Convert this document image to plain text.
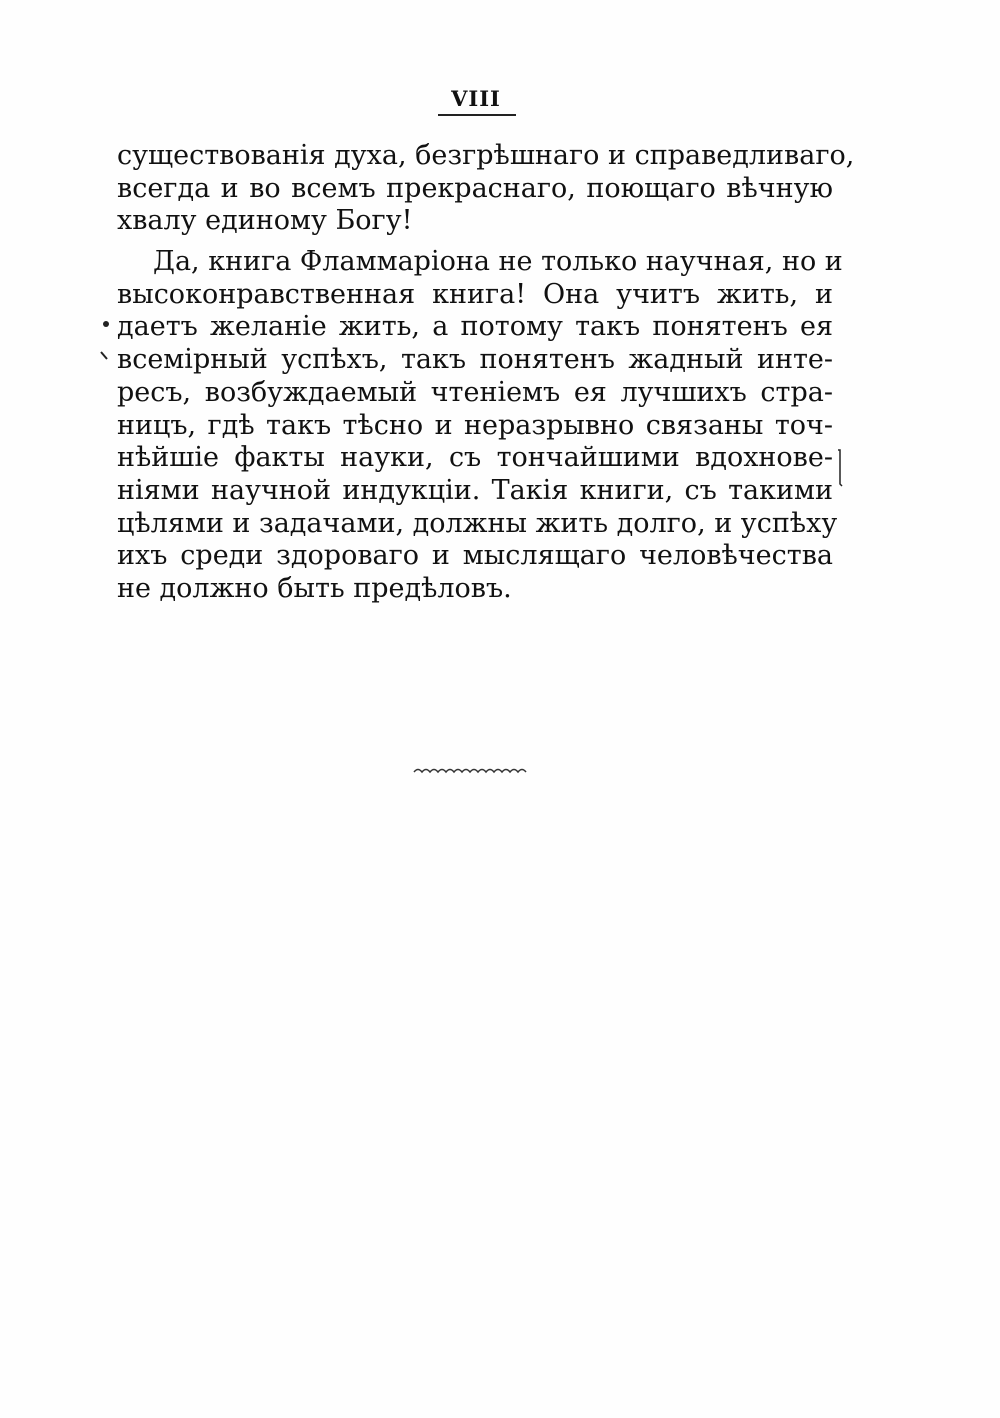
VIII
существованія духа, безгрѣшнаго и справедливаго,
всегда и во всемъ прекраснаго, поющаго вѣчную
хвалу единому Богу!
Да, книга Фламмаріона не только научная, но и
высоконравственная книга! Она учитъ жить, и
даетъ желаніе жить, а потому такъ понятенъ ея
всемірный успѣхъ, такъ понятенъ жадный инте-
ресъ, возбуждаемый чтеніемъ ея лучшихъ стра-
ницъ, гдѣ такъ тѣсно и неразрывно связаны точ-
нѣйшіе факты науки, съ тончайшими вдохнове-
ніями научной индукціи. Такія книги, съ такими
цѣлями и задачами, должны жить долго, и успѣху
ихъ среди здороваго и мыслящаго человѣчества
не должно быть предѣловъ.
